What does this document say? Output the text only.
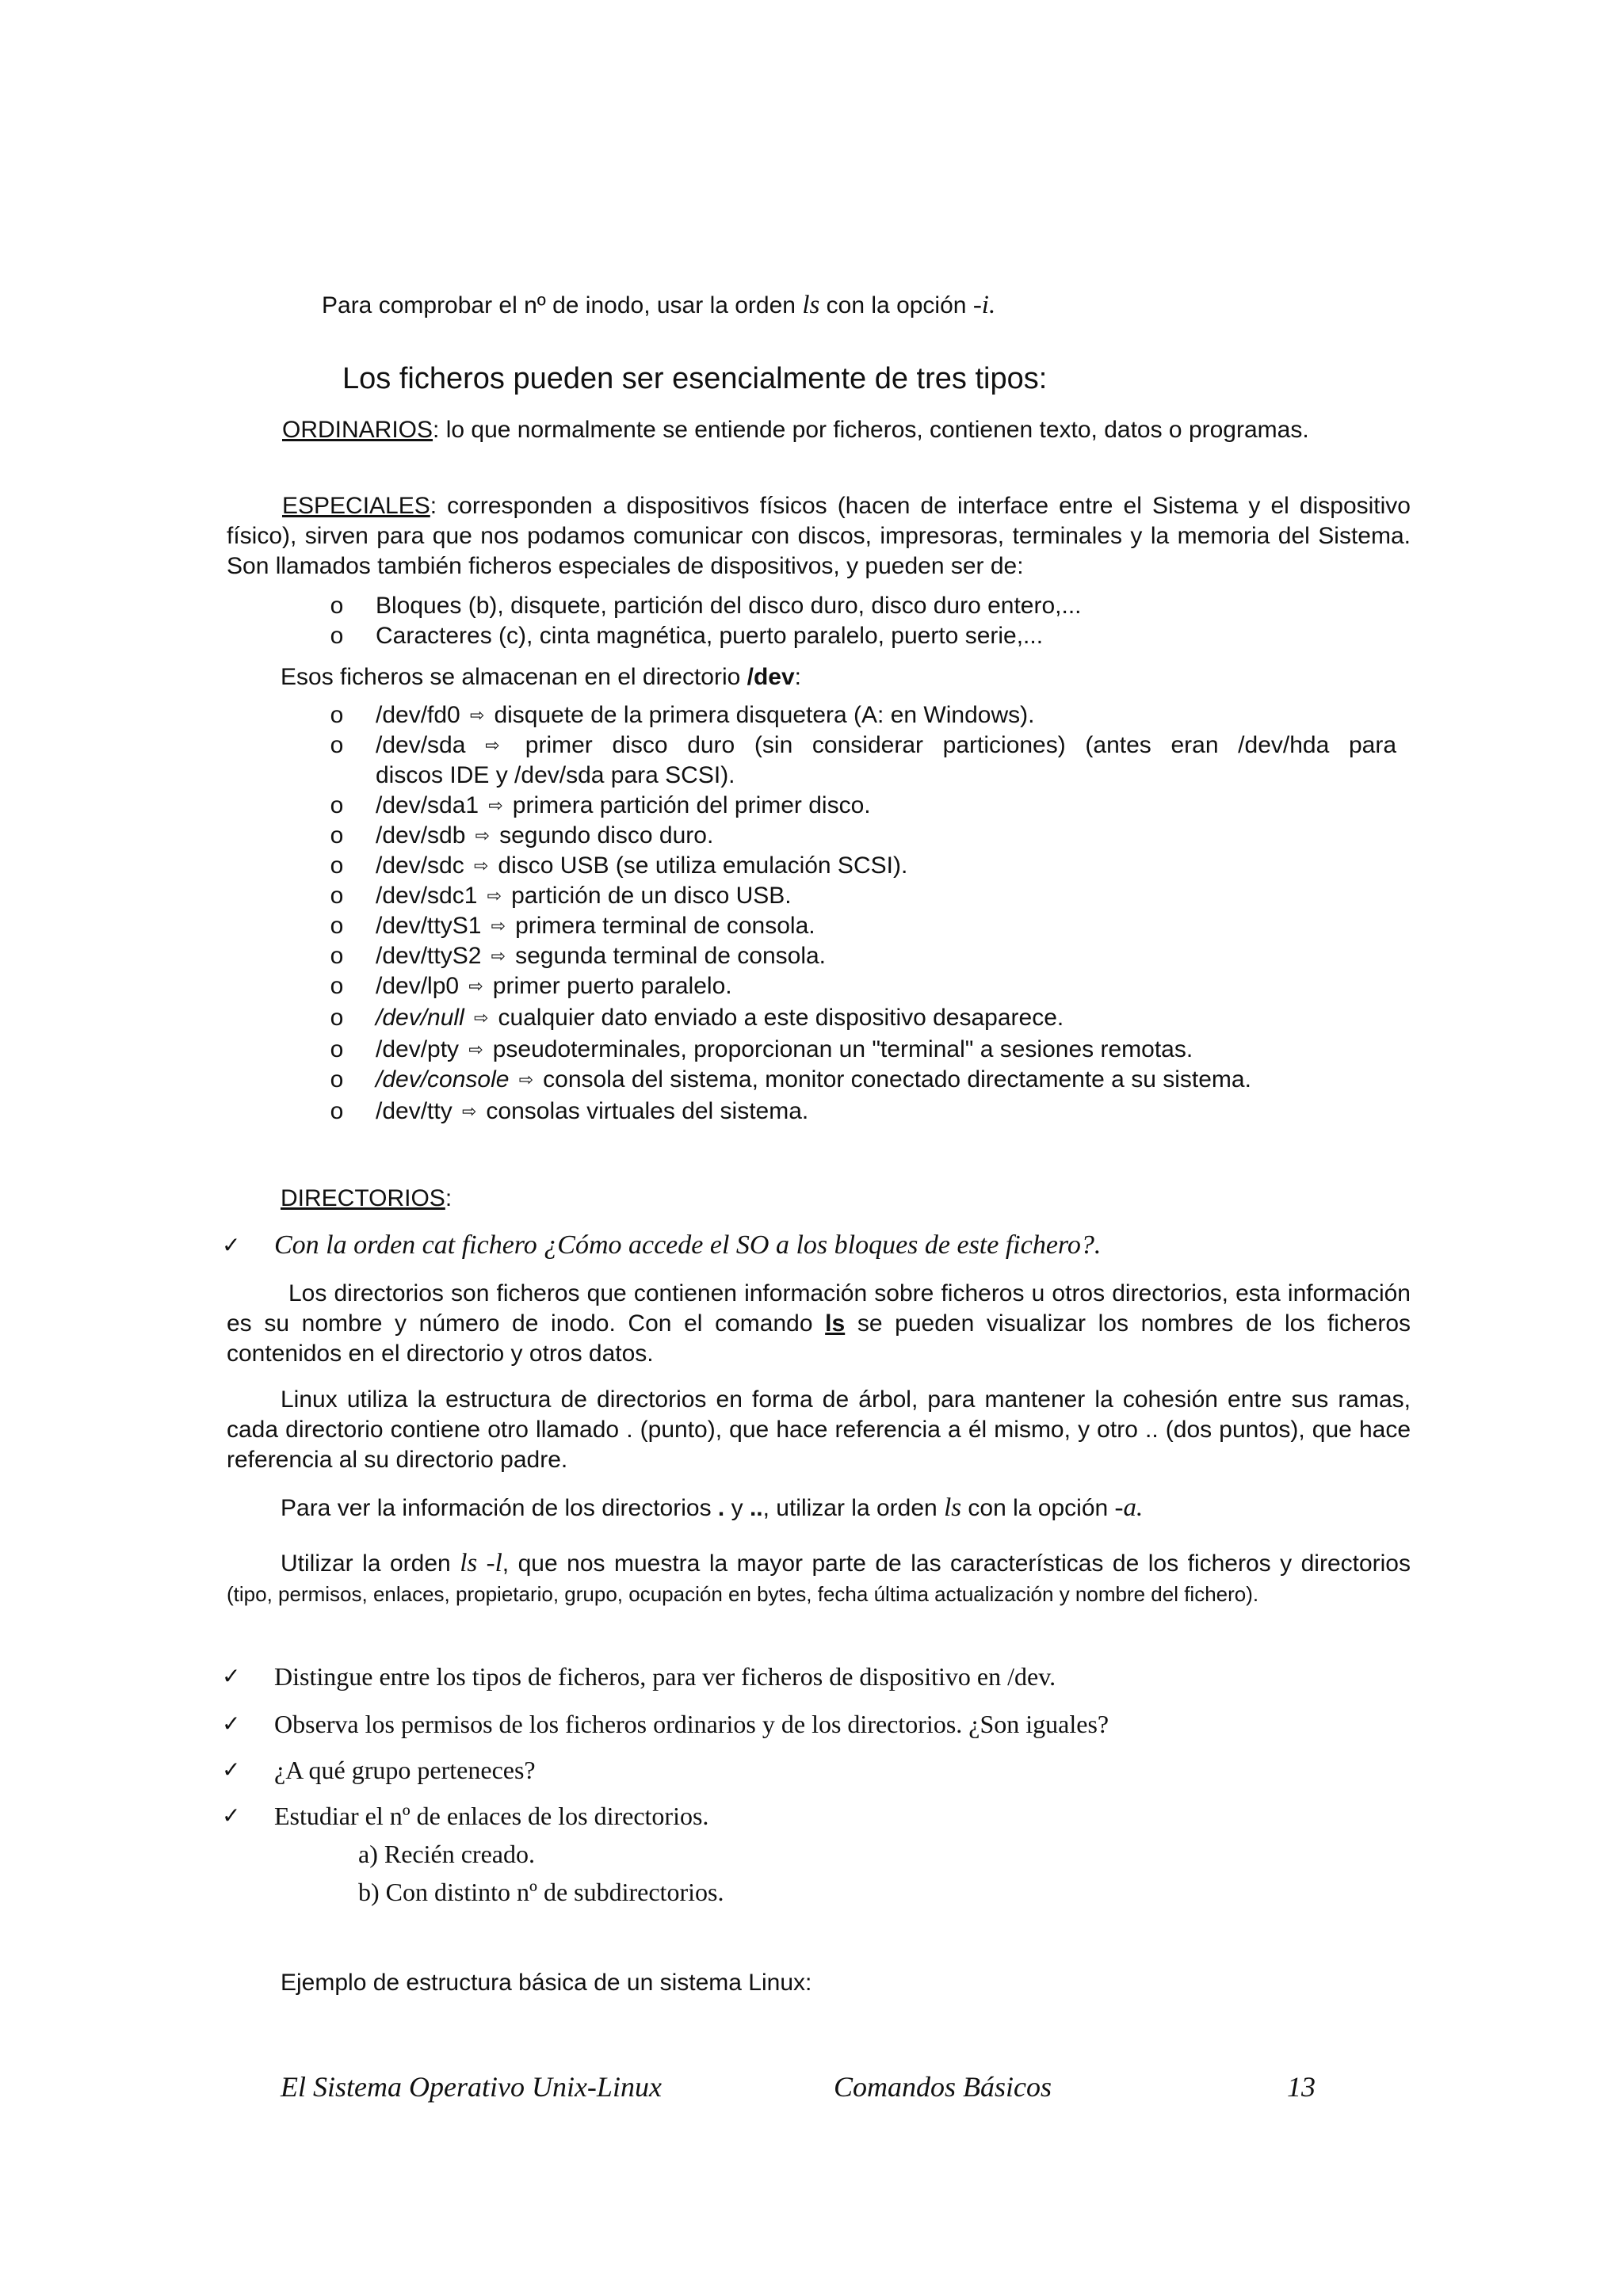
Para comprobar el nº de inodo, usar la orden ls con la opción -i.
Los ficheros pueden ser esencialmente de tres tipos:
ORDINARIOS: lo que normalmente se entiende por ficheros, contienen texto, datos o programas.
ESPECIALES: corresponden a dispositivos físicos (hacen de interface entre el Sistema y el dispositivo físico), sirven para que nos podamos comunicar con discos, impresoras, terminales y la memoria del Sistema. Son llamados también ficheros especiales de dispositivos, y pueden ser de:
o Bloques (b), disquete, partición del disco duro, disco duro entero,...
o Caracteres (c), cinta magnética, puerto paralelo, puerto serie,...
Esos ficheros se almacenan en el directorio /dev:
o /dev/fd0 ⇨ disquete de la primera disquetera (A: en Windows).
o /dev/sda ⇨ primer disco duro (sin considerar particiones) (antes eran /dev/hda para
discos IDE y /dev/sda para SCSI).
o /dev/sda1 ⇨ primera partición del primer disco.
o /dev/sdb ⇨ segundo disco duro.
o /dev/sdc ⇨ disco USB (se utiliza emulación SCSI).
o /dev/sdc1 ⇨ partición de un disco USB.
o /dev/ttyS1 ⇨ primera terminal de consola.
o /dev/ttyS2 ⇨ segunda terminal de consola.
o /dev/lp0 ⇨ primer puerto paralelo.
o /dev/null ⇨ cualquier dato enviado a este dispositivo desaparece.
o /dev/pty ⇨ pseudoterminales, proporcionan un "terminal" a sesiones remotas.
o /dev/console ⇨ consola del sistema, monitor conectado directamente a su sistema.
o /dev/tty ⇨ consolas virtuales del sistema.
DIRECTORIOS:
✓ Con la orden cat fichero ¿Cómo accede el SO a los bloques de este fichero?.
Los directorios son ficheros que contienen información sobre ficheros u otros directorios, esta información es su nombre y número de inodo. Con el comando ls se pueden visualizar los nombres de los ficheros contenidos en el directorio y otros datos.
Linux utiliza la estructura de directorios en forma de árbol, para mantener la cohesión entre sus ramas, cada directorio contiene otro llamado . (punto), que hace referencia a él mismo, y otro .. (dos puntos), que hace referencia al su directorio padre.
Para ver la información de los directorios . y .., utilizar la orden ls con la opción -a.
Utilizar la orden ls -l, que nos muestra la mayor parte de las características de los ficheros y directorios (tipo, permisos, enlaces, propietario, grupo, ocupación en bytes, fecha última actualización y nombre del fichero).
✓ Distingue entre los tipos de ficheros, para ver ficheros de dispositivo en /dev.
✓ Observa los permisos de los ficheros ordinarios y de los directorios. ¿Son iguales?
✓ ¿A qué grupo perteneces?
✓ Estudiar el nº de enlaces de los directorios.
a) Recién creado.
b) Con distinto nº de subdirectorios.
Ejemplo de estructura básica de un sistema Linux:
El Sistema Operativo Unix-Linux	Comandos Básicos	13
